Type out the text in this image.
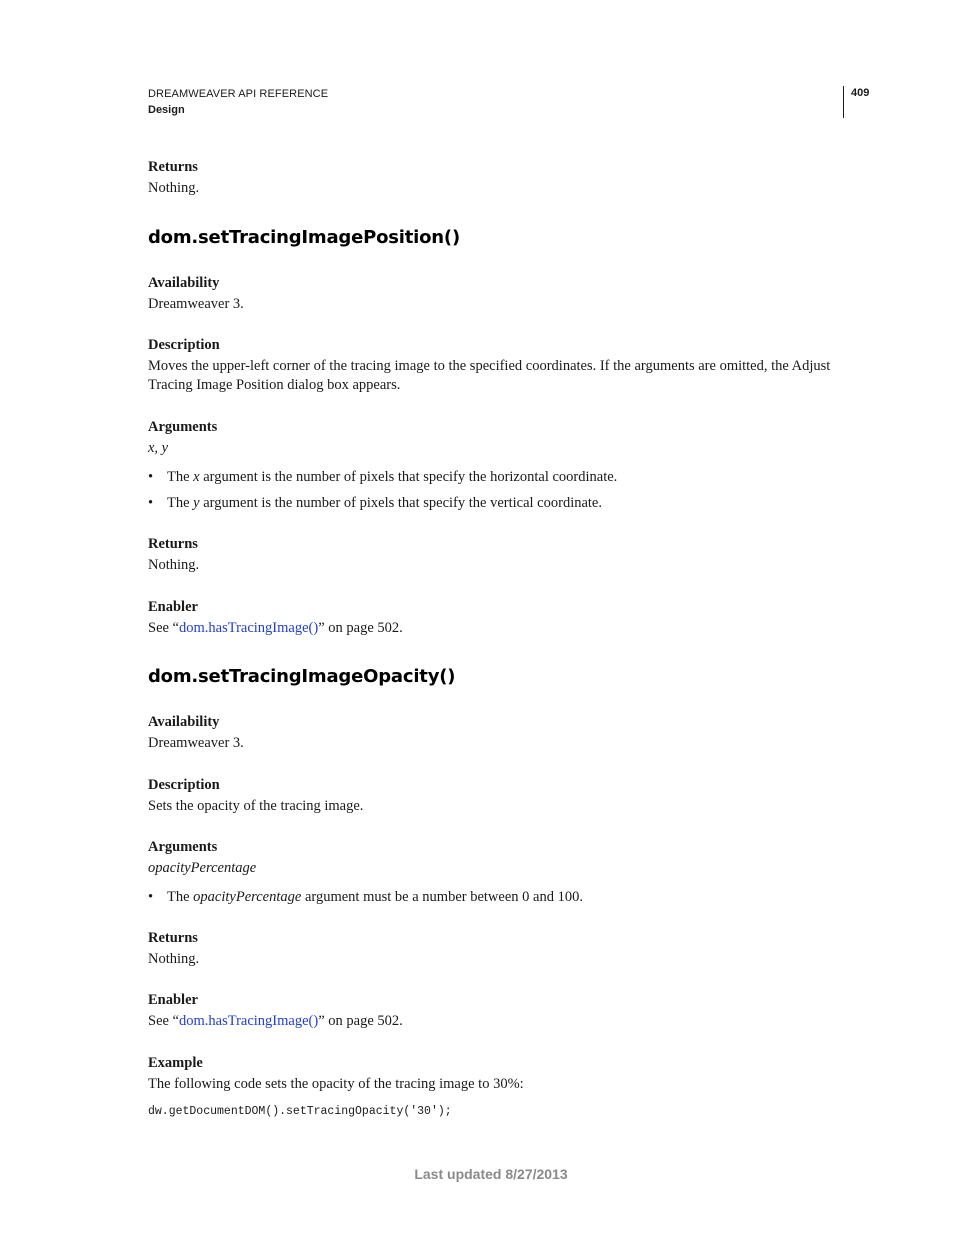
DREAMWEAVER API REFERENCE
Design
409
Returns
Nothing.
dom.setTracingImagePosition()
Availability
Dreamweaver 3.
Description
Moves the upper-left corner of the tracing image to the specified coordinates. If the arguments are omitted, the Adjust
Tracing Image Position dialog box appears.
Arguments
x, y
• The x argument is the number of pixels that specify the horizontal coordinate.
• The y argument is the number of pixels that specify the vertical coordinate.
Returns
Nothing.
Enabler
See “dom.hasTracingImage()” on page 502.
dom.setTracingImageOpacity()
Availability
Dreamweaver 3.
Description
Sets the opacity of the tracing image.
Arguments
opacityPercentage
• The opacityPercentage argument must be a number between 0 and 100.
Returns
Nothing.
Enabler
See “dom.hasTracingImage()” on page 502.
Example
The following code sets the opacity of the tracing image to 30%:
dw.getDocumentDOM().setTracingOpacity('30');
Last updated 8/27/2013
